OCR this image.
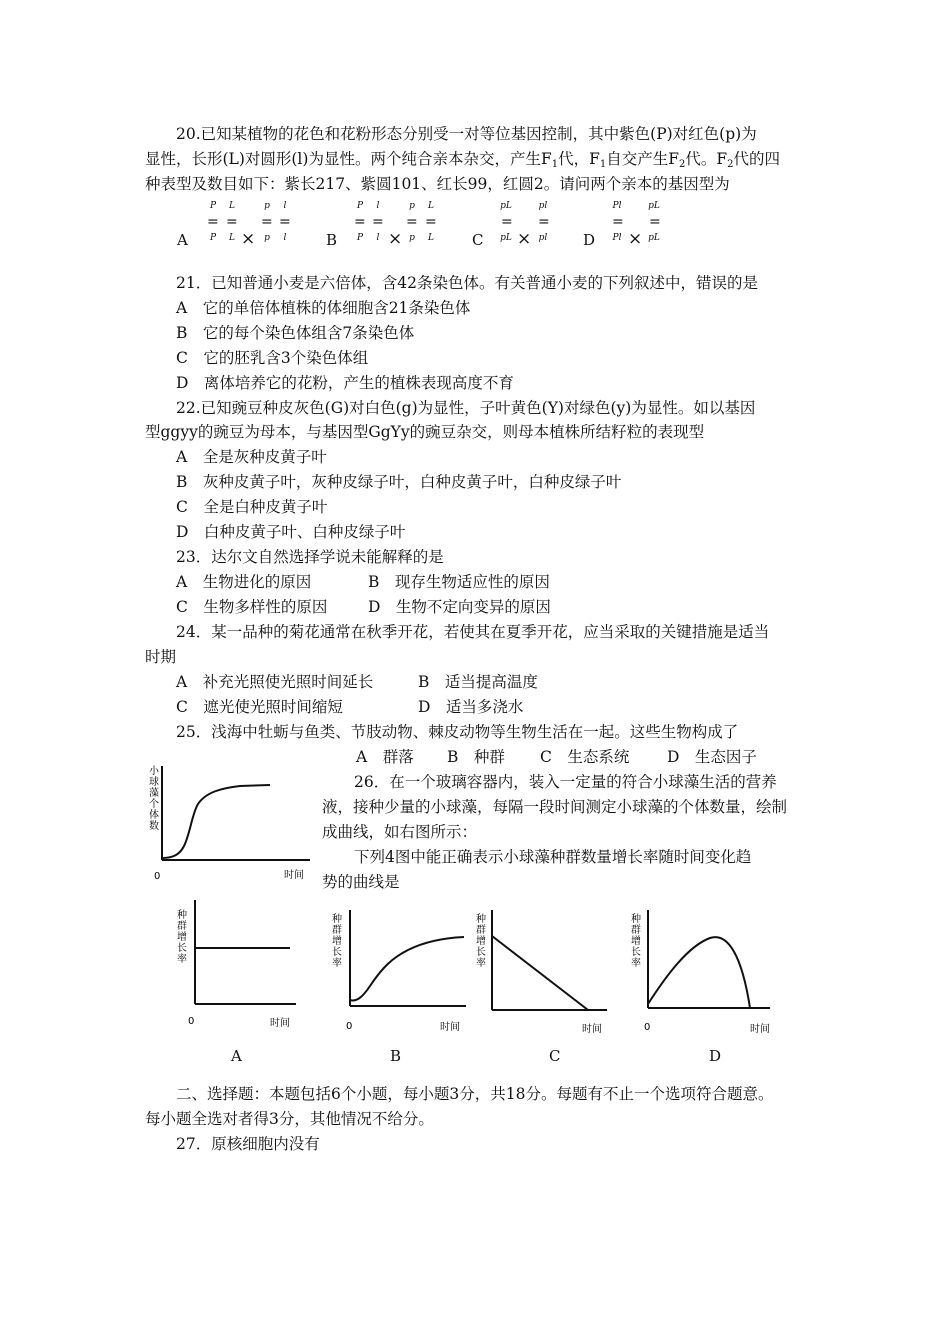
20.已知某植物的花色和花粉形态分别受一对等位基因控制，其中紫色(P)对红色(p)为
显性，长形(L)对圆形(l)为显性。两个纯合亲本杂交，产生$F_1$代，$F_1$自交产生$F_2$代。$F_2$代的四
种表型及数目如下：紫长217、紫圆101、红长99，红圆2。请问两个亲本的基因型为
A
P	L
= =
P	L ×
p	l
= =
p	l	B
P	l
= =
P	l ×
p	L
= =
p	L	C
pL
=
pL ×
pl
=
pl	D
Pl
=
Pl ×
pL
=
pL
21．已知普通小麦是六倍体，含42条染色体。有关普通小麦的下列叙述中，错误的是
A　它的单倍体植株的体细胞含21条染色体
B　它的每个染色体组含7条染色体
C　它的胚乳含3个染色体组
D　离体培养它的花粉，产生的植株表现高度不育
22.已知豌豆种皮灰色(G)对白色(g)为显性，子叶黄色(Y)对绿色(y)为显性。如以基因
型ggyy的豌豆为母本，与基因型GgYy的豌豆杂交，则母本植株所结籽粒的表现型
A　全是灰种皮黄子叶
B　灰种皮黄子叶，灰种皮绿子叶，白种皮黄子叶，白种皮绿子叶
C　全是白种皮黄子叶
D　白种皮黄子叶、白种皮绿子叶
23．达尔文自然选择学说未能解释的是
A　生物进化的原因	B　现存生物适应性的原因
C　生物多样性的原因	D　生物不定向变异的原因
24．某一品种的菊花通常在秋季开花，若使其在夏季开花，应当采取的关键措施是适当
时期
A　补充光照使光照时间延长	B　适当提高温度
C　遮光使光照时间缩短	D　适当多浇水
25．浅海中牡蛎与鱼类、节肢动物、棘皮动物等生物生活在一起。这些生物构成了
A　群落 B　种群 C　生态系统 D　生态因子
26．在一个玻璃容器内，装入一定量的符合小球藻生活的营养
液，接种少量的小球藻，每隔一段时间测定小球藻的个体数量，绘制
成曲线，如右图所示：
下列4图中能正确表示小球藻种群数量增长率随时间变化趋
势的曲线是
小 球 藻 个 体 数
0	时间
种群增长率
0	时间
A
种群增长率
0	时间
B
种群增长率
时间
C
种群增长率
0	时间
D
二、选择题：本题包括6个小题，每小题3分，共18分。每题有不止一个选项符合题意。
每小题全选对者得3分，其他情况不给分。
27．原核细胞内没有
